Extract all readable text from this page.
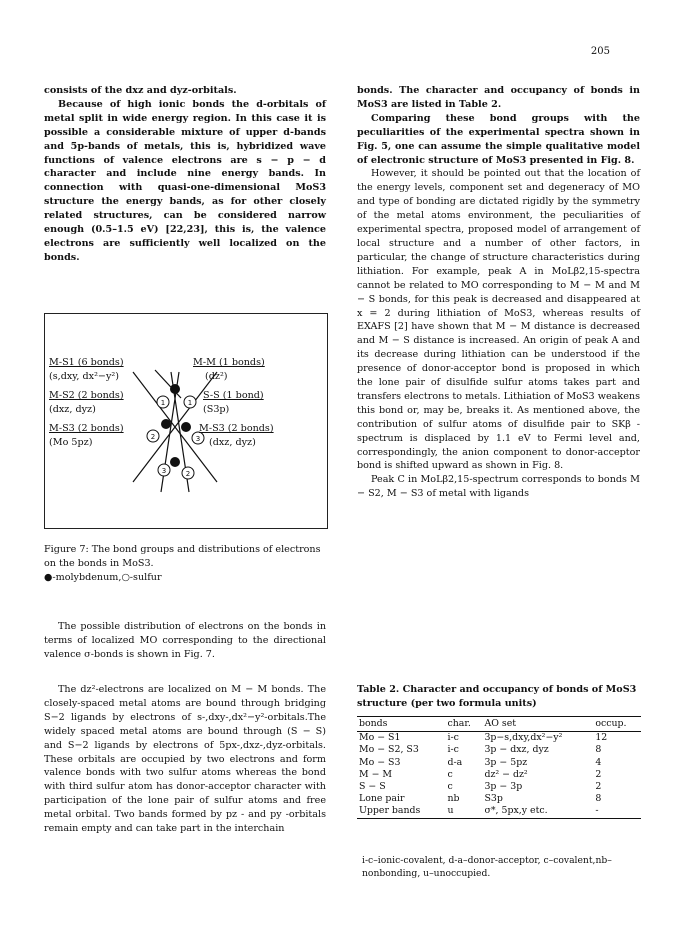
205

consists of the dxz and dyz-orbitals.

Because of high ionic bonds the d-orbitals of metal split in wide energy region. In this case it is possible a considerable mixture of upper d-bands and 5p-bands of metals, this is, hybridized wave functions of valence electrons are s − p − d character and include nine energy bands. In connection with quasi-one-dimensional MoS3 structure the energy bands, as for other closely related structures, can be considered narrow enough (0.5–1.5 eV) [22,23], this is, the valence electrons are sufficiently well localized on the bonds.

1	1
2	3
3	2
M-S1 (6 bonds)
(s,dxy, dx²−y²)
M-S2 (2 bonds)
(dxz, dyz)
M-S3 (2 bonds)
(Mo 5pz)
M-M (1 bonds)
(dz²)
S-S (1 bond)
(S3p)
M-S3 (2 bonds)
(dxz, dyz)

Figure 7: The bond groups and distributions of electrons on the bonds in MoS3.

●-molybdenum,○-sulfur

The possible distribution of electrons on the bonds in terms of localized MO corresponding to the directional valence σ-bonds is shown in Fig. 7.

The dz²-electrons are localized on M − M bonds. The closely-spaced metal atoms are bound through bridging S−2 ligands by electrons of s-,dxy-,dx²−y²-orbitals.The widely spaced metal atoms are bound through (S − S) and S−2 ligands by electrons of 5px-,dxz-,dyz-orbitals. These orbitals are occupied by two electrons and form valence bonds with two sulfur atoms whereas the bond with third sulfur atom has donor-acceptor character with participation of the lone pair of sulfur atoms and free metal orbital. Two bands formed by pz - and py -orbitals remain empty and can take part in the interchain

bonds. The character and occupancy of bonds in MoS3 are listed in Table 2.

Comparing these bond groups with the peculiarities of the experimental spectra shown in Fig. 5, one can assume the simple qualitative model of electronic structure of MoS3 presented in Fig. 8.

However, it should be pointed out that the location of the energy levels, component set and degeneracy of MO and type of bonding are dictated rigidly by the symmetry of the metal atoms environment, the peculiarities of experimental spectra, proposed model of arrangement of local structure and a number of other factors, in particular, the change of structure characteristics during lithiation. For example, peak A in MoLβ2,15-spectra cannot be related to MO corresponding to M − M and M − S bonds, for this peak is decreased and disappeared at x = 2 during lithiation of MoS3, whereas results of EXAFS [2] have shown that M − M distance is decreased and M − S distance is increased. An origin of peak A and its decrease during lithiation can be understood if the presence of donor-acceptor bond is proposed in which the lone pair of disulfide sulfur atoms takes part and transfers electrons to metals. Lithiation of MoS3 weakens this bond or, may be, breaks it. As mentioned above, the contribution of sulfur atoms of disulfide pair to SKβ -spectrum is displaced by 1.1 eV to Fermi level and, correspondingly, the anion component to donor-acceptor bond is shifted upward as shown in Fig. 8.

Peak C in MoLβ2,15-spectrum corresponds to bonds M − S2, M − S3 of metal with ligands

Table 2. Character and occupancy of bonds of MoS3 structure (per two formula units)
bonds	char.	AO set	occup.
Mo − S1	i-c	3p−s,dxy,dx²−y²	12
Mo − S2, S3	i-c	3p − dxz, dyz	8
Mo − S3	d-a	3p − 5pz	4
M − M	c	dz² − dz²	2
S − S	c	3p − 3p	2
Lone pair	nb	S3p	8
Upper bands	u	σ*, 5px,y etc.	-
i-c–ionic-covalent, d-a–donor-acceptor, c–covalent,nb–nonbonding, u–unoccupied.
